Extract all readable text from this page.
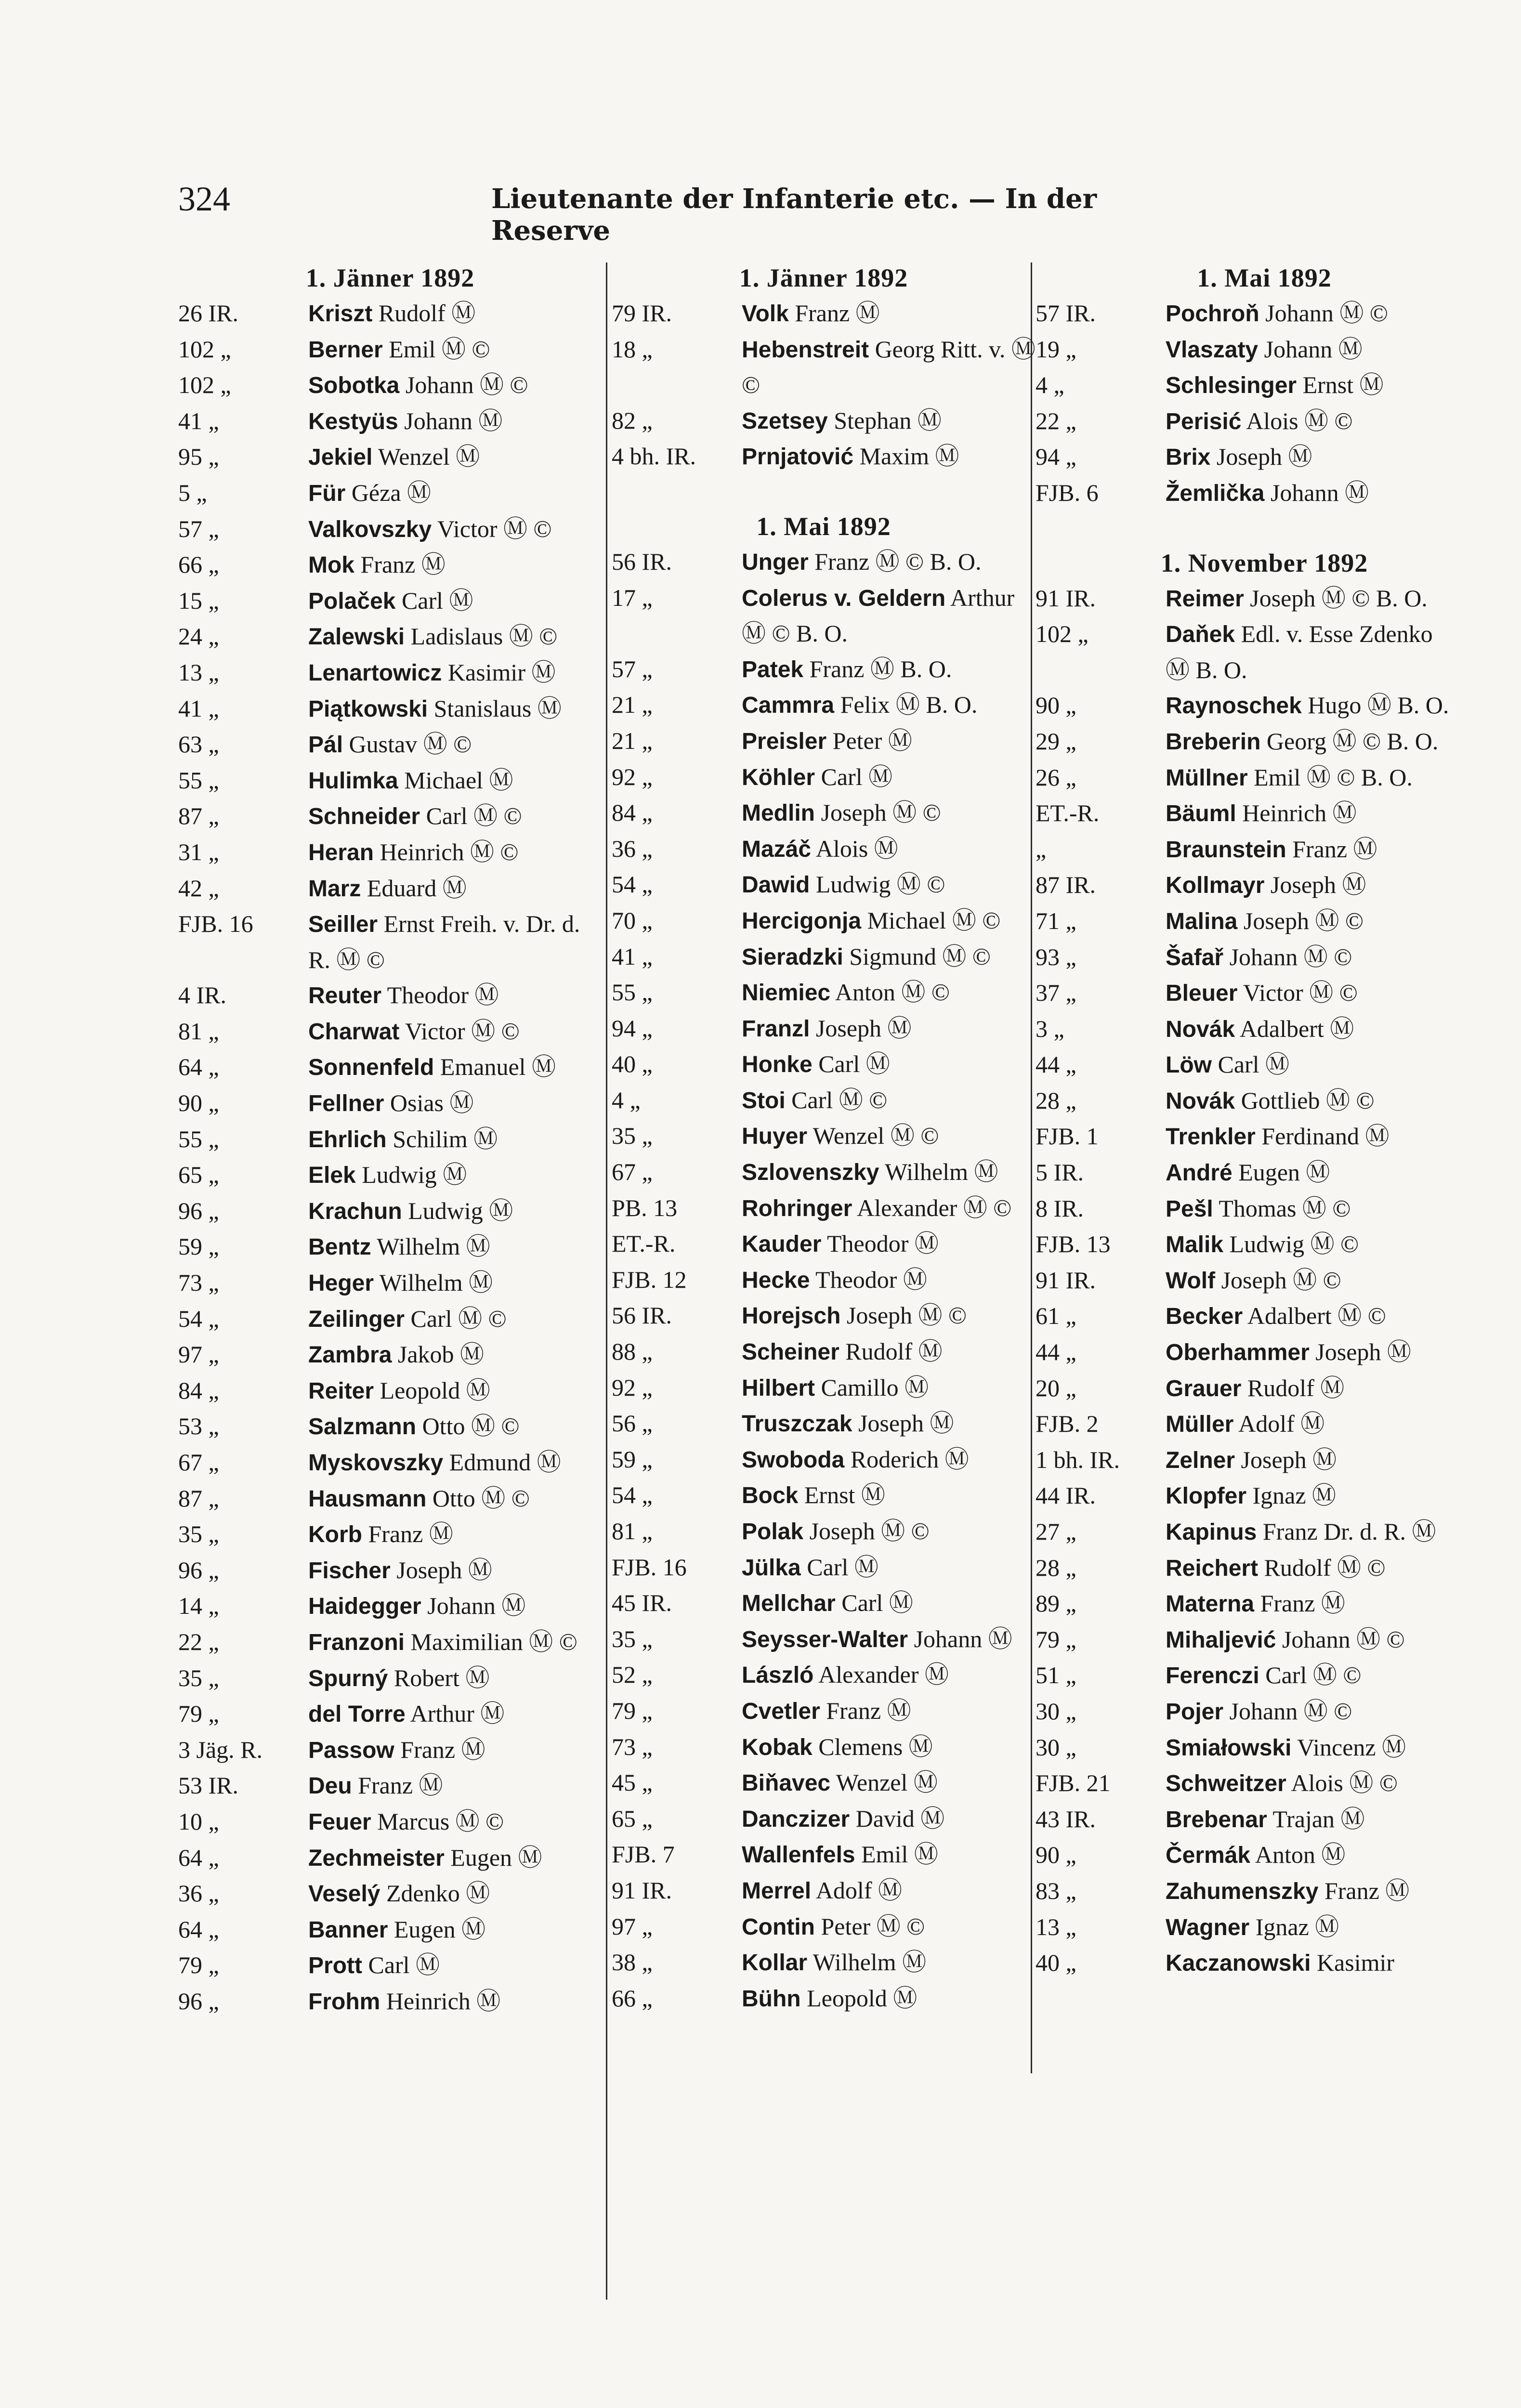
324	Lieutenante der Infanterie etc. — In der Reserve
1. Jänner 1892
26 IR.	Kriszt Rudolf Ⓜ
102 „	Berner Emil Ⓜ ©
102 „	Sobotka Johann Ⓜ ©
41 „	Kestyüs Johann Ⓜ
95 „	Jekiel Wenzel Ⓜ
5 „	Für Géza Ⓜ
57 „	Valkovszky Victor Ⓜ ©
66 „	Mok Franz Ⓜ
15 „	Polaček Carl Ⓜ
24 „	Zalewski Ladislaus Ⓜ ©
13 „	Lenartowicz Kasimir Ⓜ
41 „	Piątkowski Stanislaus Ⓜ
63 „	Pál Gustav Ⓜ ©
55 „	Hulimka Michael Ⓜ
87 „	Schneider Carl Ⓜ ©
31 „	Heran Heinrich Ⓜ ©
42 „	Marz Eduard Ⓜ
FJB. 16	Seiller Ernst Freih. v. Dr. d. R. Ⓜ ©
4 IR.	Reuter Theodor Ⓜ
81 „	Charwat Victor Ⓜ ©
64 „	Sonnenfeld Emanuel Ⓜ
90 „	Fellner Osias Ⓜ
55 „	Ehrlich Schilim Ⓜ
65 „	Elek Ludwig Ⓜ
96 „	Krachun Ludwig Ⓜ
59 „	Bentz Wilhelm Ⓜ
73 „	Heger Wilhelm Ⓜ
54 „	Zeilinger Carl Ⓜ ©
97 „	Zambra Jakob Ⓜ
84 „	Reiter Leopold Ⓜ
53 „	Salzmann Otto Ⓜ ©
67 „	Myskovszky Edmund Ⓜ
87 „	Hausmann Otto Ⓜ ©
35 „	Korb Franz Ⓜ
96 „	Fischer Joseph Ⓜ
14 „	Haidegger Johann Ⓜ
22 „	Franzoni Maximilian Ⓜ ©
35 „	Spurný Robert Ⓜ
79 „	del Torre Arthur Ⓜ
3 Jäg. R.	Passow Franz Ⓜ
53 IR.	Deu Franz Ⓜ
10 „	Feuer Marcus Ⓜ ©
64 „	Zechmeister Eugen Ⓜ
36 „	Veselý Zdenko Ⓜ
64 „	Banner Eugen Ⓜ
79 „	Prott Carl Ⓜ
96 „	Frohm Heinrich Ⓜ
1. Jänner 1892
79 IR.	Volk Franz Ⓜ
18 „	Hebenstreit Georg Ritt. v. Ⓜ ©
82 „	Szetsey Stephan Ⓜ
4 bh. IR.	Prnjatović Maxim Ⓜ
1. Mai 1892
56 IR.	Unger Franz Ⓜ © B. O.
17 „	Colerus v. Geldern Arthur Ⓜ © B. O.
57 „	Patek Franz Ⓜ B. O.
21 „	Cammra Felix Ⓜ B. O.
21 „	Preisler Peter Ⓜ
92 „	Köhler Carl Ⓜ
84 „	Medlin Joseph Ⓜ ©
36 „	Mazáč Alois Ⓜ
54 „	Dawid Ludwig Ⓜ ©
70 „	Hercigonja Michael Ⓜ ©
41 „	Sieradzki Sigmund Ⓜ ©
55 „	Niemiec Anton Ⓜ ©
94 „	Franzl Joseph Ⓜ
40 „	Honke Carl Ⓜ
4 „	Stoi Carl Ⓜ ©
35 „	Huyer Wenzel Ⓜ ©
67 „	Szlovenszky Wilhelm Ⓜ
PB. 13	Rohringer Alexander Ⓜ ©
ET.-R.	Kauder Theodor Ⓜ
FJB. 12	Hecke Theodor Ⓜ
56 IR.	Horejsch Joseph Ⓜ ©
88 „	Scheiner Rudolf Ⓜ
92 „	Hilbert Camillo Ⓜ
56 „	Truszczak Joseph Ⓜ
59 „	Swoboda Roderich Ⓜ
54 „	Bock Ernst Ⓜ
81 „	Polak Joseph Ⓜ ©
FJB. 16	Jülka Carl Ⓜ
45 IR.	Mellchar Carl Ⓜ
35 „	Seysser-Walter Johann Ⓜ
52 „	László Alexander Ⓜ
79 „	Cvetler Franz Ⓜ
73 „	Kobak Clemens Ⓜ
45 „	Biňavec Wenzel Ⓜ
65 „	Danczizer David Ⓜ
FJB. 7	Wallenfels Emil Ⓜ
91 IR.	Merrel Adolf Ⓜ
97 „	Contin Peter Ⓜ ©
38 „	Kollar Wilhelm Ⓜ
66 „	Bühn Leopold Ⓜ
1. Mai 1892
57 IR.	Pochroň Johann Ⓜ ©
19 „	Vlaszaty Johann Ⓜ
4 „	Schlesinger Ernst Ⓜ
22 „	Perisić Alois Ⓜ ©
94 „	Brix Joseph Ⓜ
FJB. 6	Žemlička Johann Ⓜ
1. November 1892
91 IR.	Reimer Joseph Ⓜ © B. O.
102 „	Daňek Edl. v. Esse Zdenko Ⓜ B. O.
90 „	Raynoschek Hugo Ⓜ B. O.
29 „	Breberin Georg Ⓜ © B. O.
26 „	Müllner Emil Ⓜ © B. O.
ET.-R.	Bäuml Heinrich Ⓜ
„	Braunstein Franz Ⓜ
87 IR.	Kollmayr Joseph Ⓜ
71 „	Malina Joseph Ⓜ ©
93 „	Šafař Johann Ⓜ ©
37 „	Bleuer Victor Ⓜ ©
3 „	Novák Adalbert Ⓜ
44 „	Löw Carl Ⓜ
28 „	Novák Gottlieb Ⓜ ©
FJB. 1	Trenkler Ferdinand Ⓜ
5 IR.	André Eugen Ⓜ
8 IR.	Pešl Thomas Ⓜ ©
FJB. 13	Malik Ludwig Ⓜ ©
91 IR.	Wolf Joseph Ⓜ ©
61 „	Becker Adalbert Ⓜ ©
44 „	Oberhammer Joseph Ⓜ
20 „	Grauer Rudolf Ⓜ
FJB. 2	Müller Adolf Ⓜ
1 bh. IR.	Zelner Joseph Ⓜ
44 IR.	Klopfer Ignaz Ⓜ
27 „	Kapinus Franz Dr. d. R. Ⓜ
28 „	Reichert Rudolf Ⓜ ©
89 „	Materna Franz Ⓜ
79 „	Mihaljević Johann Ⓜ ©
51 „	Ferenczi Carl Ⓜ ©
30 „	Pojer Johann Ⓜ ©
30 „	Smiałowski Vincenz Ⓜ
FJB. 21	Schweitzer Alois Ⓜ ©
43 IR.	Brebenar Trajan Ⓜ
90 „	Čermák Anton Ⓜ
83 „	Zahumenszky Franz Ⓜ
13 „	Wagner Ignaz Ⓜ
40 „	Kaczanowski Kasimir
